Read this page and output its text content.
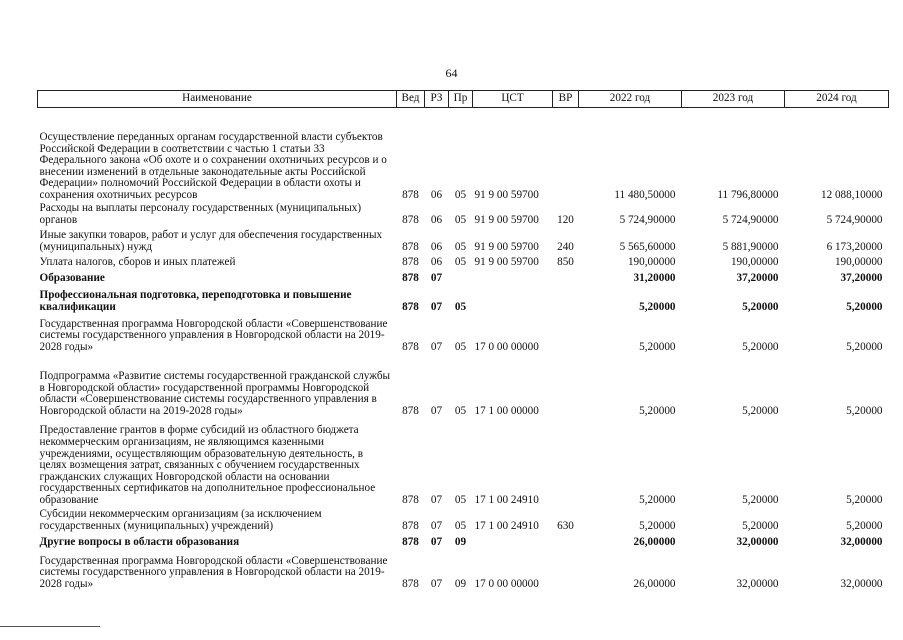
64
Наименование	Вед	РЗ	Пр	ЦСТ	ВР	2022 год	2023 год	2024 год
Осуществление переданных органам государственной власти субъектов Российской Федерации в соответствии с частью 1 статьи 33 Федерального закона «Об охоте и о сохранении охотничьих ресурсов и о внесении изменений в отдельные законодательные акты Российской Федерации» полномочий Российской Федерации в области охоты и сохранения охотничьих ресурсов	878	06	05	91 9 00 59700		11 480,50000	11 796,80000	12 088,10000
Расходы на выплаты персоналу государственных (муниципальных) органов	878	06	05	91 9 00 59700	120	5 724,90000	5 724,90000	5 724,90000
Иные закупки товаров, работ и услуг для обеспечения государственных (муниципальных) нужд	878	06	05	91 9 00 59700	240	5 565,60000	5 881,90000	6 173,20000
Уплата налогов, сборов и иных платежей	878	06	05	91 9 00 59700	850	190,00000	190,00000	190,00000
Образование	878	07				31,20000	37,20000	37,20000
Профессиональная подготовка, переподготовка и повышение квалификации	878	07	05			5,20000	5,20000	5,20000
Государственная программа Новгородской области «Совершенствование системы государственного управления в Новгородской области на 2019-2028 годы»	878	07	05	17 0 00 00000		5,20000	5,20000	5,20000
Подпрограмма «Развитие системы государственной гражданской службы в Новгородской области» государственной программы Новгородской области «Совершенствование системы государственного управления в Новгородской области на 2019-2028 годы»	878	07	05	17 1 00 00000		5,20000	5,20000	5,20000
Предоставление грантов в форме субсидий из областного бюджета некоммерческим организациям, не являющимся казенными учреждениями, осуществляющим образовательную деятельность, в целях возмещения затрат, связанных с обучением государственных гражданских служащих Новгородской области на основании государственных сертификатов на дополнительное профессиональное образование	878	07	05	17 1 00 24910		5,20000	5,20000	5,20000
Субсидии некоммерческим организациям (за исключением государственных (муниципальных) учреждений)	878	07	05	17 1 00 24910	630	5,20000	5,20000	5,20000
Другие вопросы в области образования	878	07	09			26,00000	32,00000	32,00000
Государственная программа Новгородской области «Совершенствование системы государственного управления в Новгородской области на 2019-2028 годы»	878	07	09	17 0 00 00000		26,00000	32,00000	32,00000
